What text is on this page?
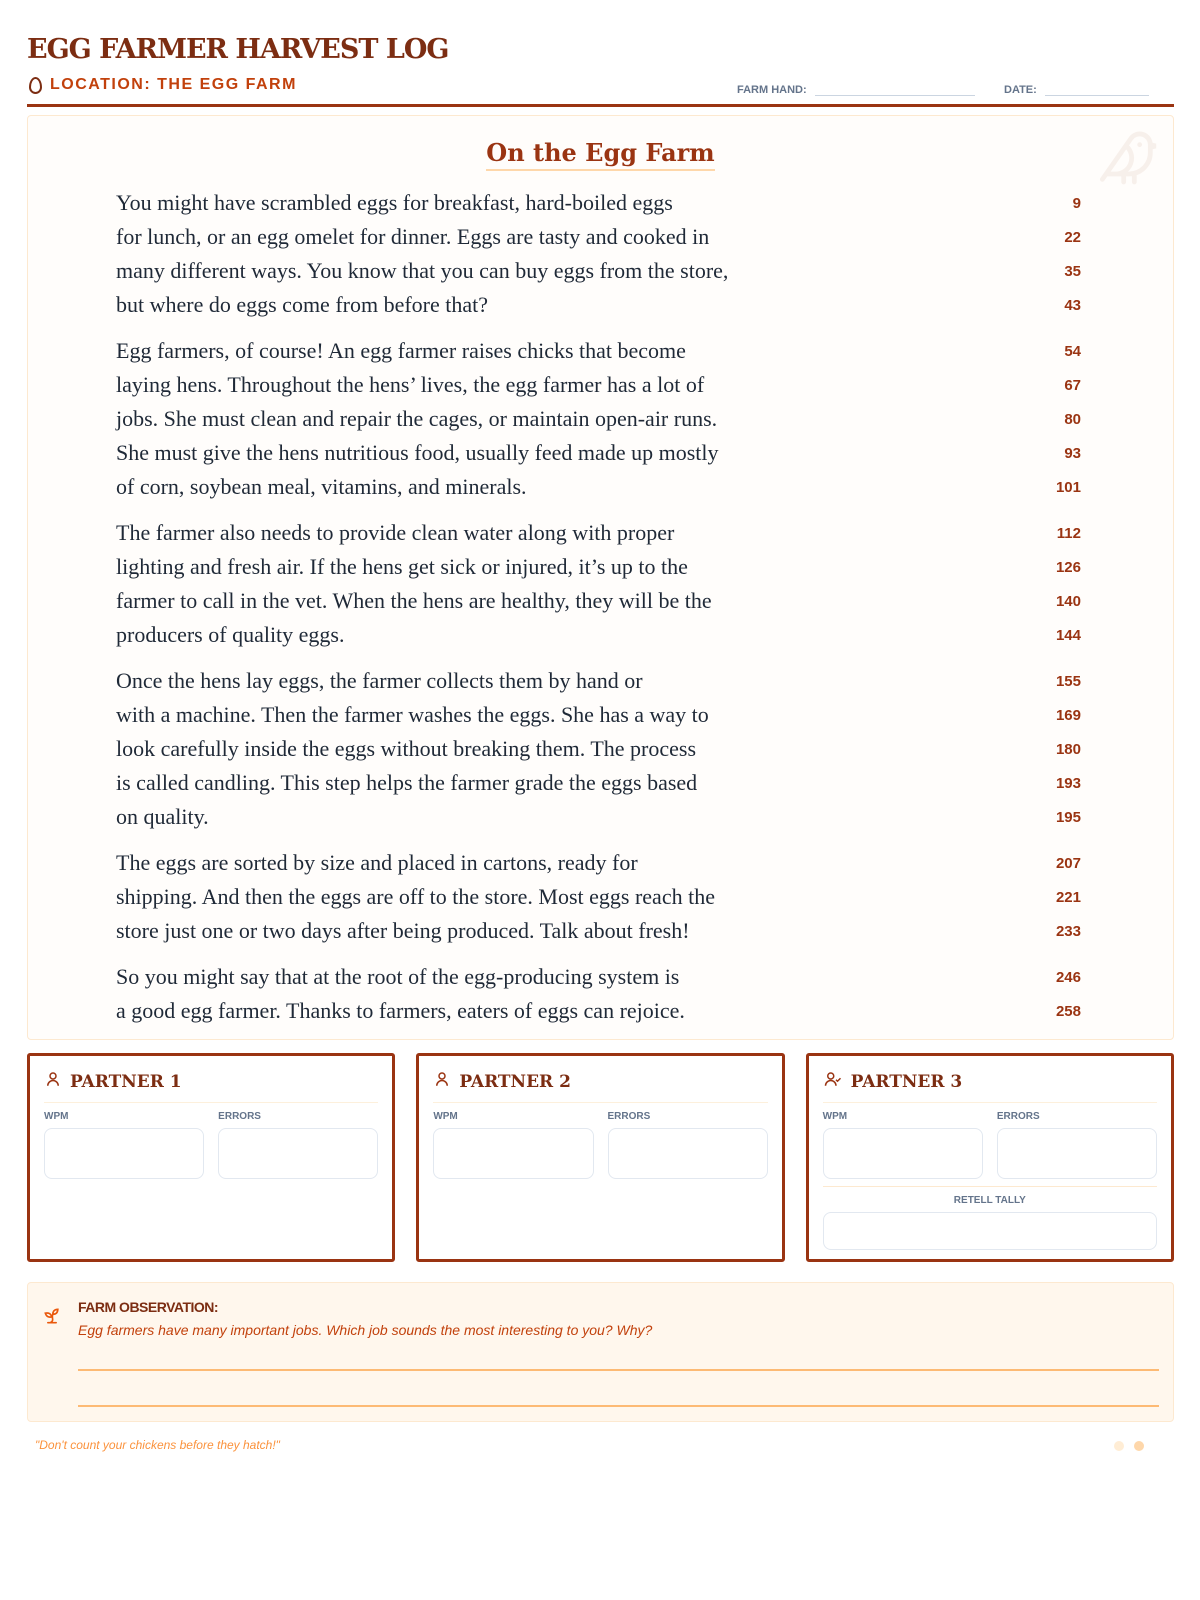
EGG FARMER HARVEST LOG
LOCATION: THE EGG FARM	FARM HAND:	DATE:
On the Egg Farm
You might have scrambled eggs for breakfast, hard-boiled eggs	9
for lunch, or an egg omelet for dinner. Eggs are tasty and cooked in	22
many different ways. You know that you can buy eggs from the store,	35
but where do eggs come from before that?	43
Egg farmers, of course! An egg farmer raises chicks that become	54
laying hens. Throughout the hens’ lives, the egg farmer has a lot of	67
jobs. She must clean and repair the cages, or maintain open-air runs.	80
She must give the hens nutritious food, usually feed made up mostly	93
of corn, soybean meal, vitamins, and minerals.	101
The farmer also needs to provide clean water along with proper	112
lighting and fresh air. If the hens get sick or injured, it’s up to the	126
farmer to call in the vet. When the hens are healthy, they will be the	140
producers of quality eggs.	144
Once the hens lay eggs, the farmer collects them by hand or	155
with a machine. Then the farmer washes the eggs. She has a way to	169
look carefully inside the eggs without breaking them. The process	180
is called candling. This step helps the farmer grade the eggs based	193
on quality.	195
The eggs are sorted by size and placed in cartons, ready for	207
shipping. And then the eggs are off to the store. Most eggs reach the	221
store just one or two days after being produced. Talk about fresh!	233
So you might say that at the root of the egg-producing system is	246
a good egg farmer. Thanks to farmers, eaters of eggs can rejoice.	258
PARTNER 1
WPM	ERRORS
PARTNER 2
WPM	ERRORS
PARTNER 3
WPM	ERRORS
RETELL TALLY
FARM OBSERVATION:
Egg farmers have many important jobs. Which job sounds the most interesting to you? Why?
"Don't count your chickens before they hatch!"
